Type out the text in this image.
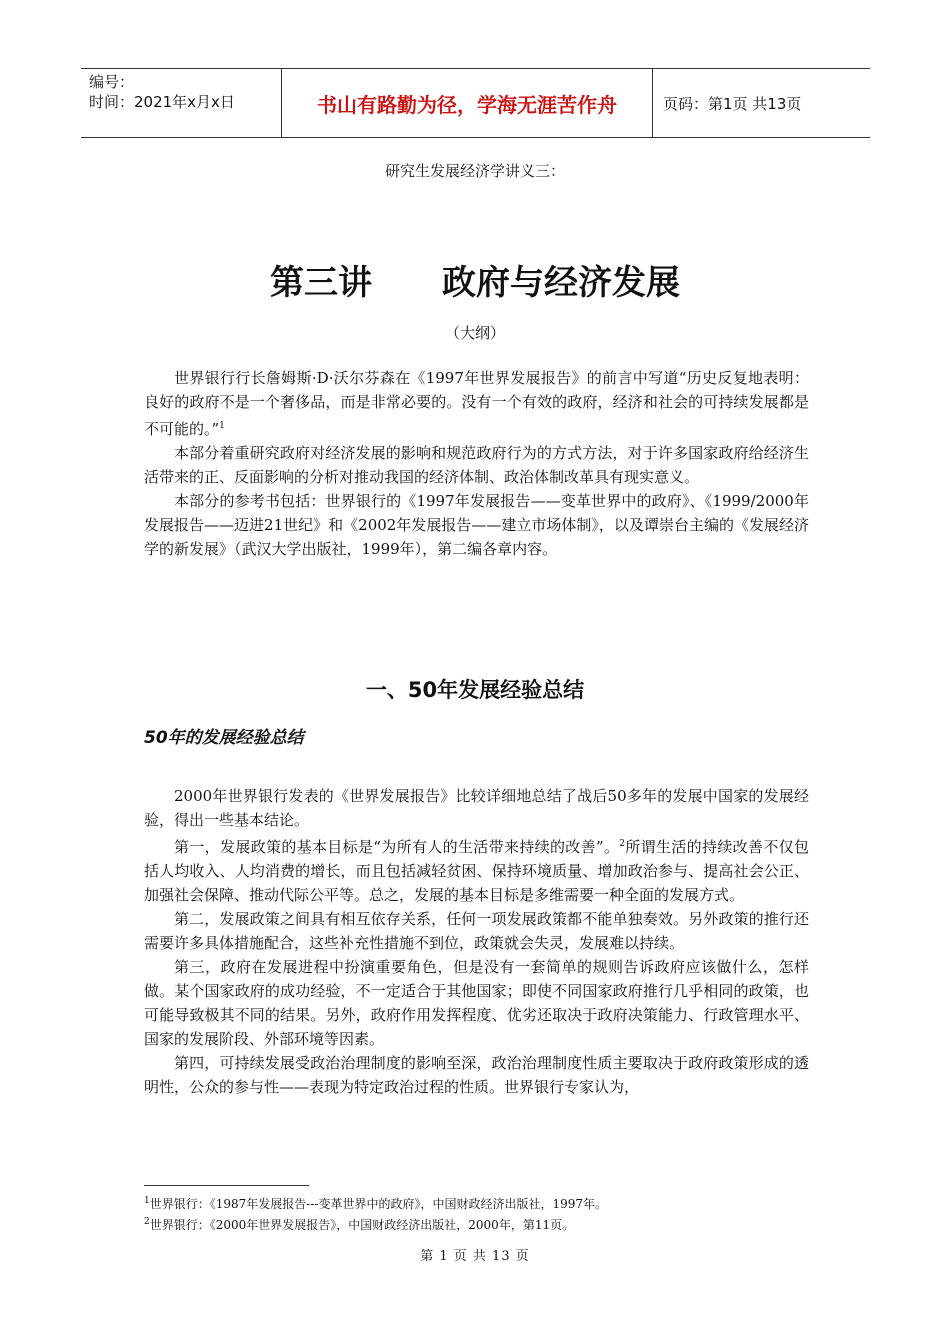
编号：
时间：2021年x月x日	书山有路勤为径，学海无涯苦作舟	页码：第1页 共13页
研究生发展经济学讲义三：
第三讲 政府与经济发展
（大纲）

世界银行行长詹姆斯·D·沃尔芬森在《1997年世界发展报告》的前言中写道“历史反复地表明：良好的政府不是一个奢侈品，而是非常必要的。没有一个有效的政府，经济和社会的可持续发展都是不可能的。”$^1$

本部分着重研究政府对经济发展的影响和规范政府行为的方式方法，对于许多国家政府给经济生活带来的正、反面影响的分析对推动我国的经济体制、政治体制改革具有现实意义。

本部分的参考书包括：世界银行的《1997年发展报告——变革世界中的政府》、《1999/2000年发展报告——迈进21世纪》和《2002年发展报告——建立市场体制》，以及谭崇台主编的《发展经济学的新发展》（武汉大学出版社，1999年），第二编各章内容。

一、50年发展经验总结
50年的发展经验总结

2000年世界银行发表的《世界发展报告》比较详细地总结了战后50多年的发展中国家的发展经验，得出一些基本结论。

第一，发展政策的基本目标是“为所有人的生活带来持续的改善”。$^2$所谓生活的持续改善不仅包括人均收入、人均消费的增长，而且包括减轻贫困、保持环境质量、增加政治参与、提高社会公正、加强社会保障、推动代际公平等。总之，发展的基本目标是多维需要一种全面的发展方式。

第二，发展政策之间具有相互依存关系，任何一项发展政策都不能单独奏效。另外政策的推行还需要许多具体措施配合，这些补充性措施不到位，政策就会失灵，发展难以持续。

第三，政府在发展进程中扮演重要角色，但是没有一套简单的规则告诉政府应该做什么，怎样做。某个国家政府的成功经验，不一定适合于其他国家；即使不同国家政府推行几乎相同的政策，也可能导致极其不同的结果。另外，政府作用发挥程度、优劣还取决于政府决策能力、行政管理水平、国家的发展阶段、外部环境等因素。

第四，可持续发展受政治治理制度的影响至深，政治治理制度性质主要取决于政府政策形成的透明性，公众的参与性——表现为特定政治过程的性质。世界银行专家认为，

$^1$世界银行：《1987年发展报告---变革世界中的政府》，中国财政经济出版社，1997年。
$^2$世界银行：《2000年世界发展报告》，中国财政经济出版社，2000年，第11页。
第 1 页 共 13 页
